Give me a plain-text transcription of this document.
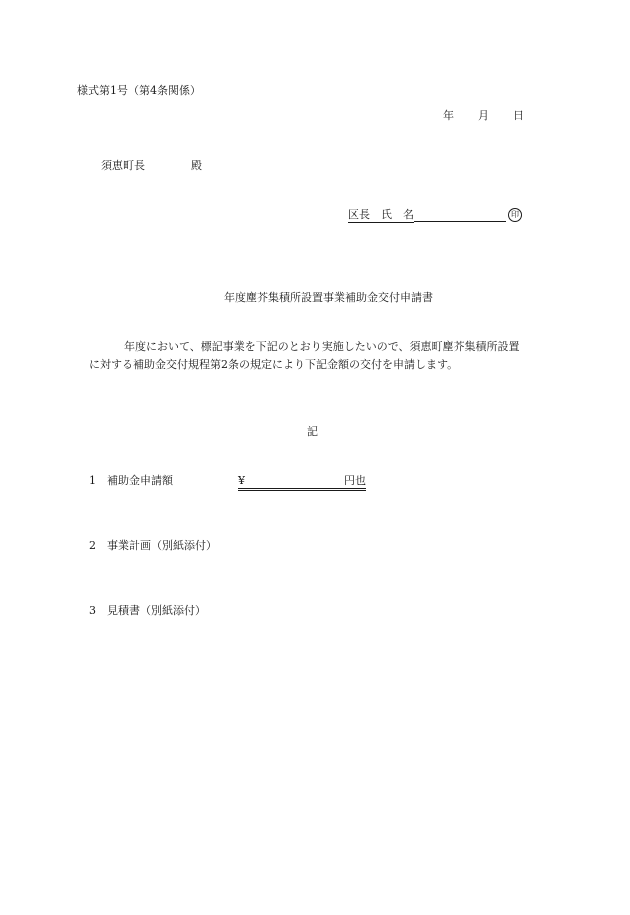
様式第1号（第4条関係）
年 月 日
須恵町長	殿
区長　 氏　名	印
年度塵芥集積所設置事業補助金交付申請書
年度において、標記事業を下記のとおり実施したいので、須恵町塵芥集積所設置
に対する補助金交付規程第2条の規定により下記金額の交付を申請します。
記
1 補助金申請額	¥	円也
2 事業計画（別紙添付）
3 見積書（別紙添付）
